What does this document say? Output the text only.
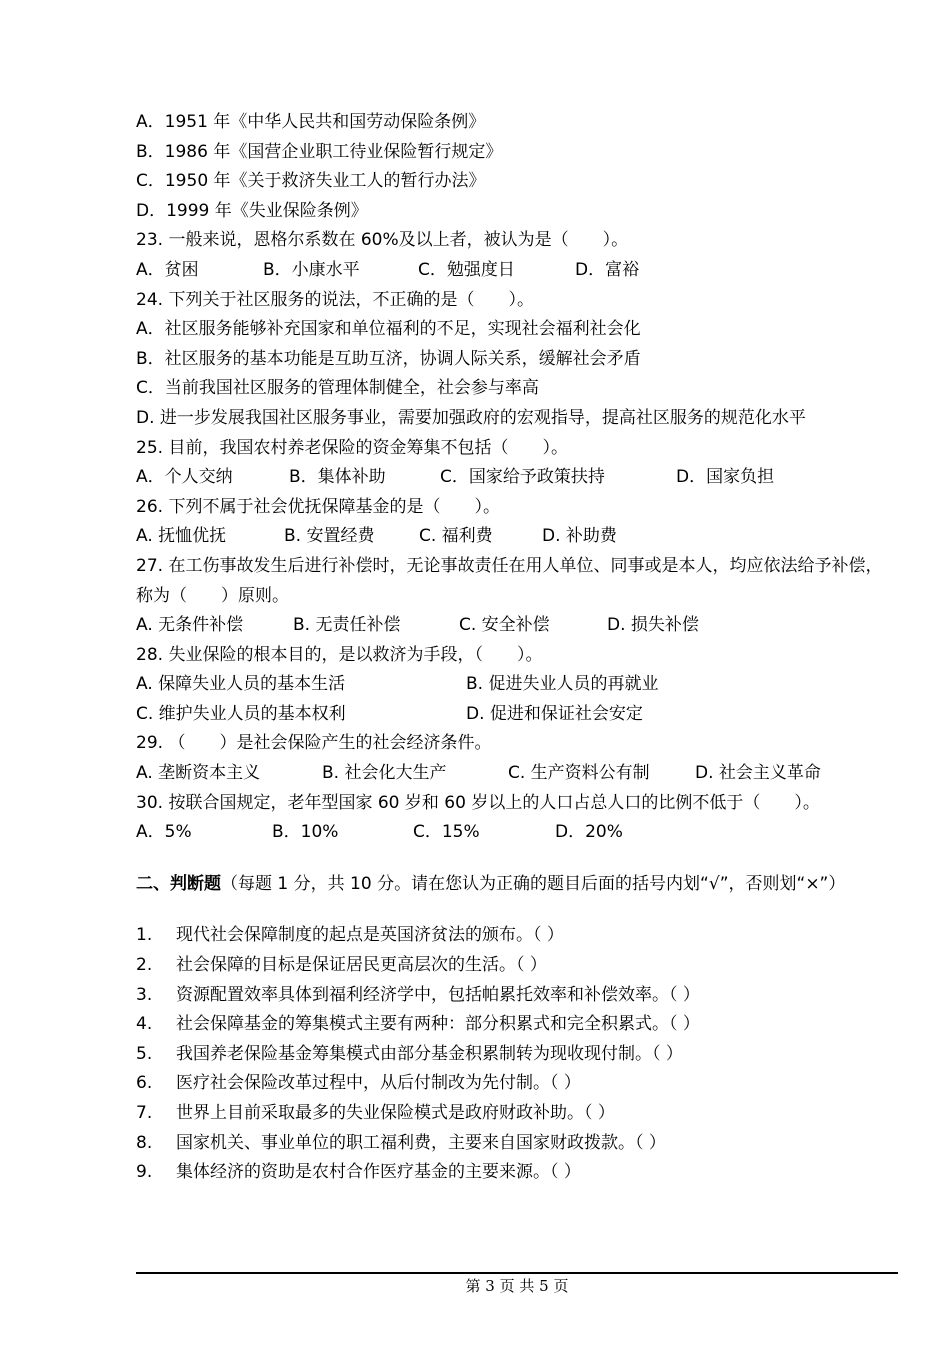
A．1951 年《中华人民共和国劳动保险条例》
B．1986 年《国营企业职工待业保险暂行规定》
C．1950 年《关于救济失业工人的暂行办法》
D．1999 年《失业保险条例》
23. 一般来说，恩格尔系数在 60%及以上者，被认为是（　　）。
A．贫困	B．小康水平	C．勉强度日	D．富裕
24. 下列关于社区服务的说法，不正确的是（　　）。
A．社区服务能够补充国家和单位福利的不足，实现社会福利社会化
B．社区服务的基本功能是互助互济，协调人际关系，缓解社会矛盾
C．当前我国社区服务的管理体制健全，社会参与率高
D. 进一步发展我国社区服务事业，需要加强政府的宏观指导，提高社区服务的规范化水平
25. 目前，我国农村养老保险的资金筹集不包括（　　）。
A．个人交纳	B．集体补助	C．国家给予政策扶持	D．国家负担
26. 下列不属于社会优抚保障基金的是（　　）。
A. 抚恤优抚	B. 安置经费	C. 福利费	D. 补助费
27. 在工伤事故发生后进行补偿时，无论事故责任在用人单位、同事或是本人，均应依法给予补偿，称为（　　）原则。
A. 无条件补偿	B. 无责任补偿	C. 安全补偿	D. 损失补偿
28. 失业保险的根本目的，是以救济为手段，（　　）。
A. 保障失业人员的基本生活	B. 促进失业人员的再就业
C. 维护失业人员的基本权利	D. 促进和保证社会安定
29. （　　）是社会保险产生的社会经济条件。
A. 垄断资本主义	B. 社会化大生产	C. 生产资料公有制	D. 社会主义革命
30. 按联合国规定，老年型国家 60 岁和 60 岁以上的人口占总人口的比例不低于（　　）。
A．5%	B．10%	C．15%	D．20%
二、判断题（每题 1 分，共 10 分。请在您认为正确的题目后面的括号内划“√”，否则划“×”）
1.	现代社会保障制度的起点是英国济贫法的颁布。（ ）
2.	社会保障的目标是保证居民更高层次的生活。（ ）
3.	资源配置效率具体到福利经济学中，包括帕累托效率和补偿效率。（ ）
4.	社会保障基金的筹集模式主要有两种：部分积累式和完全积累式。（ ）
5.	我国养老保险基金筹集模式由部分基金积累制转为现收现付制。（ ）
6.	医疗社会保险改革过程中，从后付制改为先付制。（ ）
7.	世界上目前采取最多的失业保险模式是政府财政补助。（ ）
8.	国家机关、事业单位的职工福利费，主要来自国家财政拨款。（ ）
9.	集体经济的资助是农村合作医疗基金的主要来源。（ ）
第 3 页 共 5 页
